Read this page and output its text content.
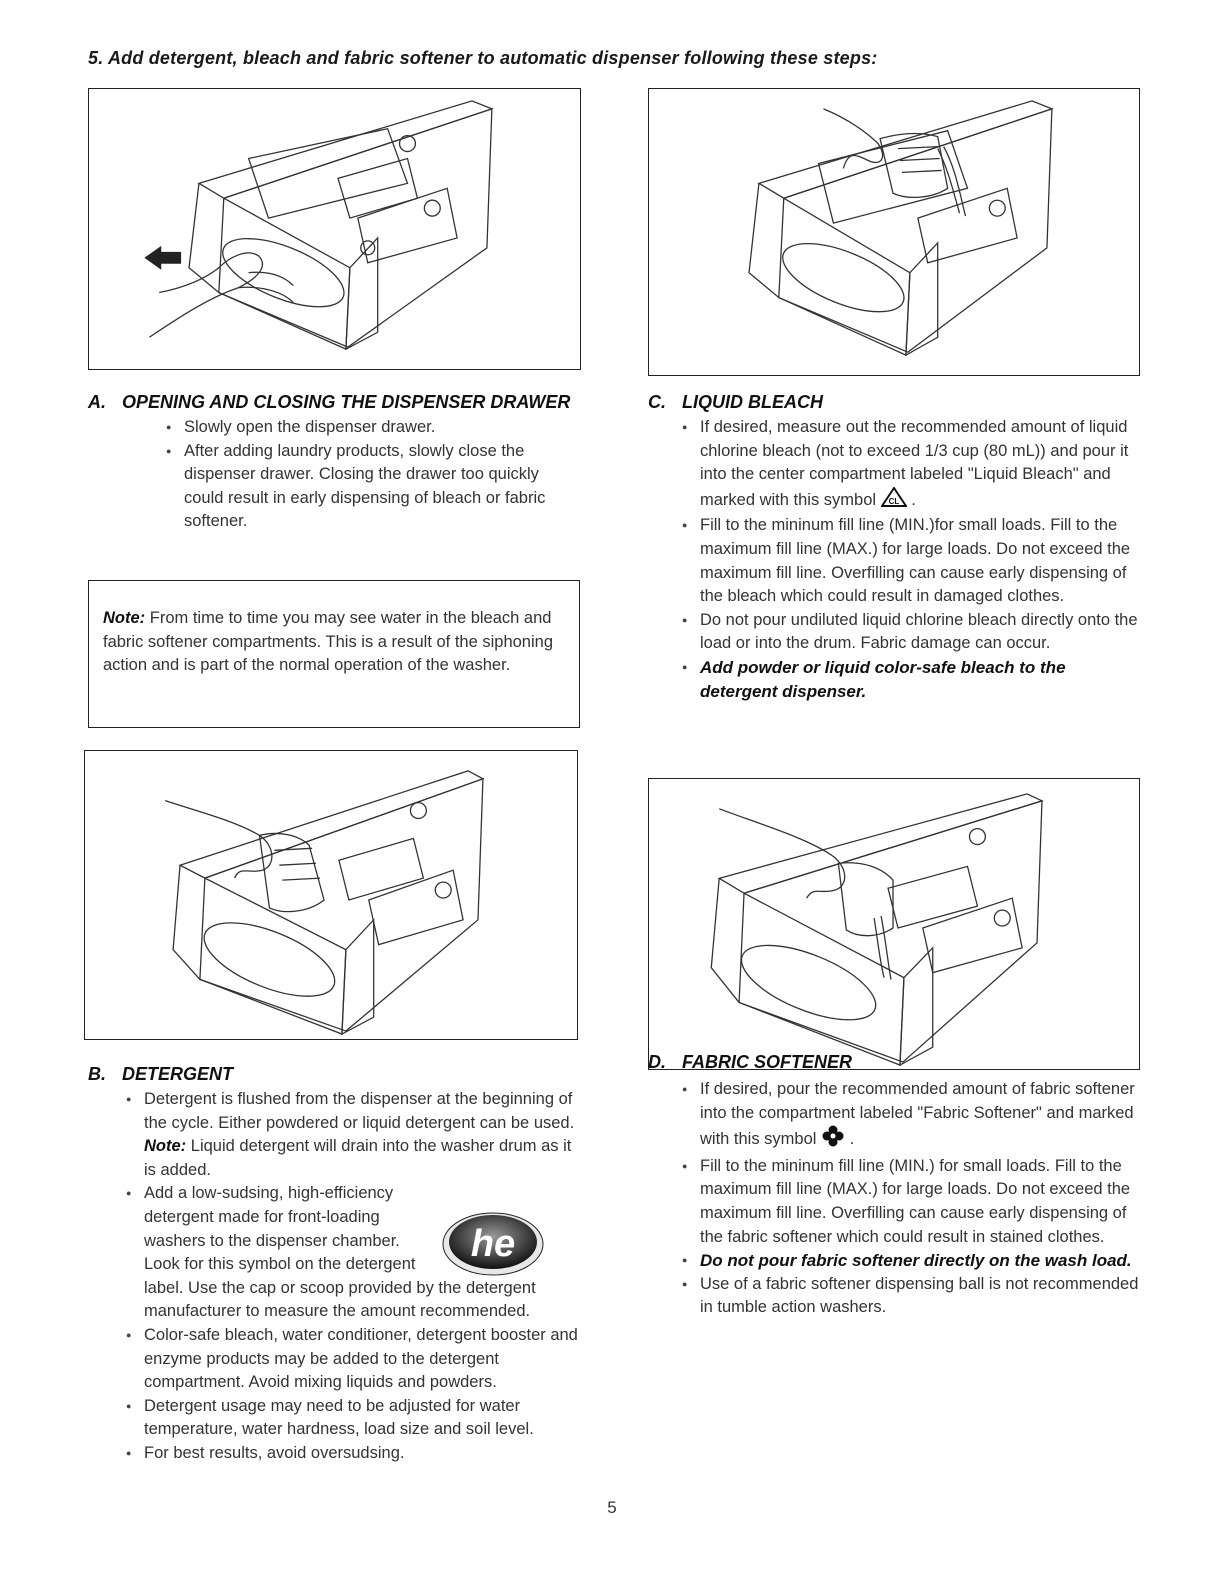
5. Add detergent, bleach and fabric softener to automatic dispenser following these steps:
A. OPENING AND CLOSING THE DISPENSER DRAWER
● Slowly open the dispenser drawer.
● After adding laundry products, slowly close the dispenser drawer. Closing the drawer too quickly could result in early dispensing of bleach or fabric softener.
Note: From time to time you may see water in the bleach and fabric softener compartments. This is a result of the siphoning action and is part of the normal operation of the washer.
C. LIQUID BLEACH
● If desired, measure out the recommended amount of liquid chlorine bleach (not to exceed 1/3 cup (80 mL)) and pour it into the center compartment labeled "Liquid Bleach" and marked with this symbol CL .
● Fill to the mininum fill line (MIN.)for small loads. Fill to the maximum fill line (MAX.) for large loads. Do not exceed the maximum fill line. Overfilling can cause early dispensing of the bleach which could result in damaged clothes.
● Do not pour undiluted liquid chlorine bleach directly onto the load or into the drum. Fabric damage can occur.
● Add powder or liquid color-safe bleach to the detergent dispenser.
B. DETERGENT
● Detergent is flushed from the dispenser at the beginning of the cycle. Either powdered or liquid detergent can be used. Note: Liquid detergent will drain into the washer drum as it is added.
● Add a low-sudsing, high-efficiency
detergent made for front-loading
washers to the dispenser chamber.
Look for this symbol on the detergent
label. Use the cap or scoop provided by the detergent manufacturer to measure the amount recommended.
● Color-safe bleach, water conditioner, detergent booster and enzyme products may be added to the detergent compartment. Avoid mixing liquids and powders.
● Detergent usage may need to be adjusted for water temperature, water hardness, load size and soil level.
● For best results, avoid oversudsing.
he
D. FABRIC SOFTENER
● If desired, pour the recommended amount of fabric softener into the compartment labeled "Fabric Softener" and marked with this symbol .
● Fill to the mininum fill line (MIN.) for small loads. Fill to the maximum fill line (MAX.) for large loads. Do not exceed the maximum fill line. Overfilling can cause early dispensing of the fabric softener which could result in stained clothes.
● Do not pour fabric softener directly on the wash load.
● Use of a fabric softener dispensing ball is not recommended in tumble action washers.
5
